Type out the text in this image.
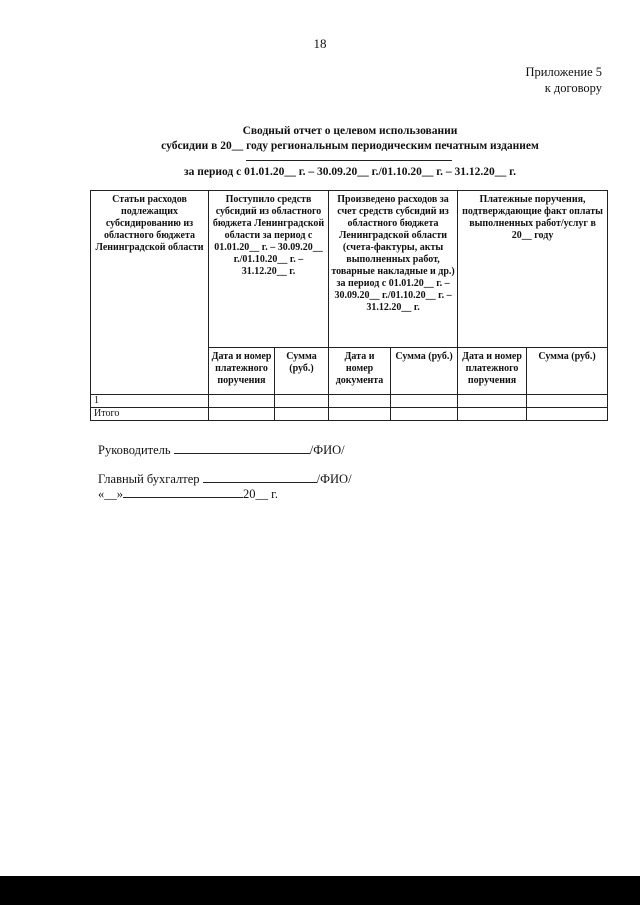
18
Приложение 5
к договору
Сводный отчет о целевом использовании
субсидии в 20__ году региональным периодическим печатным изданием
за период с 01.01.20__ г. – 30.09.20__ г./01.10.20__ г. – 31.12.20__ г.
Статьи расходов подлежащих субсидированию из областного бюджета Ленинградской области	Поступило средств субсидий из областного бюджета Ленинградской области за период с 01.01.20__ г. – 30.09.20__ г./01.10.20__ г. – 31.12.20__ г.		Произведено расходов за счет средств субсидий из областного бюджета Ленинградской области (счета-фактуры, акты выполненных работ, товарные накладные и др.) за период с 01.01.20__ г. – 30.09.20__ г./01.10.20__ г. – 31.12.20__ г.		Платежные поручения, подтверждающие факт оплаты выполненных работ/услуг в 20__ году	
	Дата и номер платежного поручения	Сумма (руб.)	Дата и номер документа	Сумма (руб.)	Дата и номер платежного поручения	Сумма (руб.)
1						
Итого						
Руководитель	/ФИО/
Главный бухгалтер	/ФИО/
«__»	20__ г.
